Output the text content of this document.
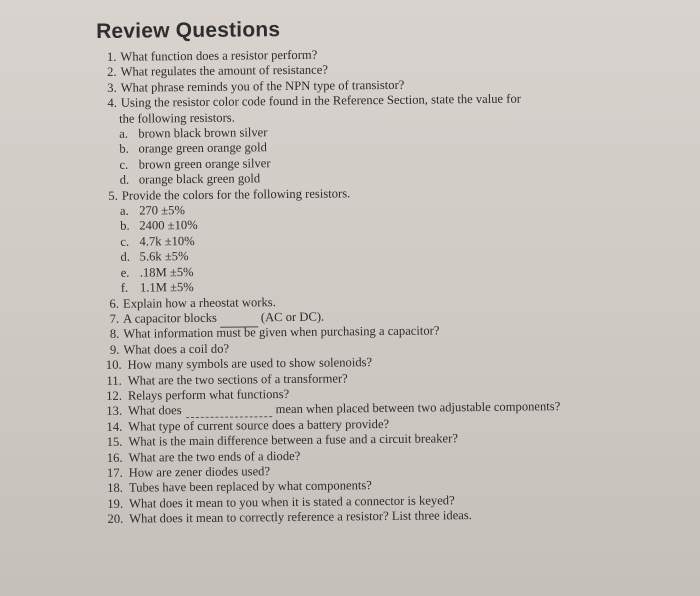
Review Questions
1. What function does a resistor perform?
2. What regulates the amount of resistance?
3. What phrase reminds you of the NPN type of transistor?
4. Using the resistor color code found in the Reference Section, state the value for
the following resistors.
a. brown black brown silver
b. orange green orange gold
c. brown green orange silver
d. orange black green gold
5. Provide the colors for the following resistors.
a. 270 ±5%
b. 2400 ±10%
c. 4.7k ±10%
d. 5.6k ±5%
e. .18M ±5%
f. 1.1M ±5%
6. Explain how a rheostat works.
7. A capacitor blocks	(AC or DC).
8. What information must be given when purchasing a capacitor?
9. What does a coil do?
10. How many symbols are used to show solenoids?
11. What are the two sections of a transformer?
12. Relays perform what functions?
13. What does	mean when placed between two adjustable components?
14. What type of current source does a battery provide?
15. What is the main difference between a fuse and a circuit breaker?
16. What are the two ends of a diode?
17. How are zener diodes used?
18. Tubes have been replaced by what components?
19. What does it mean to you when it is stated a connector is keyed?
20. What does it mean to correctly reference a resistor? List three ideas.
